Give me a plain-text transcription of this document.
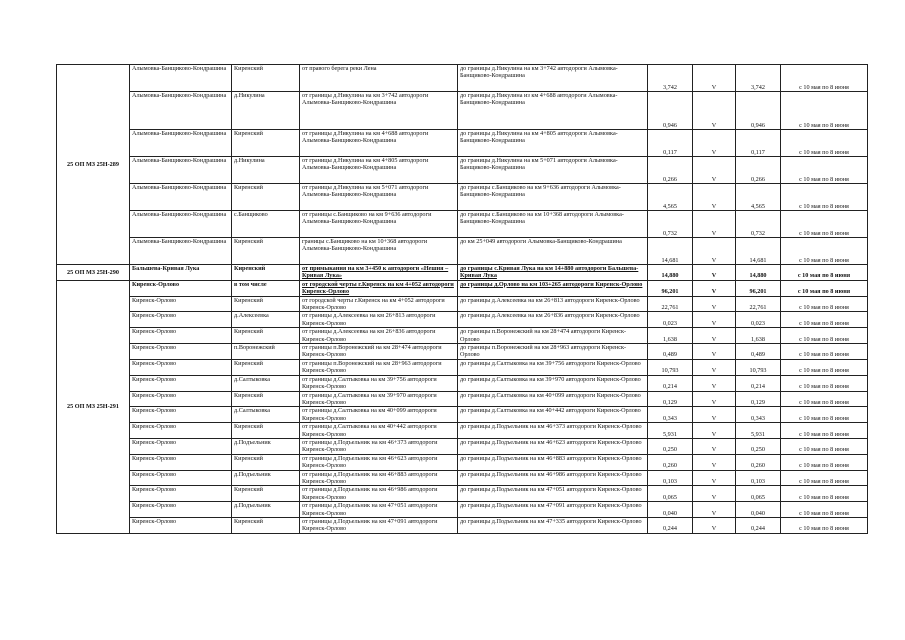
25 ОП МЗ 25Н-289	Алымовка-Банщиково-Кондрашина	Киренский	от правого берега реки Лена	до границы д.Никулина на км 3+742 автодороги Алымовка-Банщиково-Кондрашина	3,742	V	3,742	с 10 мая по 8 июня
	Алымовка-Банщиково-Кондрашина	д.Никулина	от границы д.Никулина на км 3+742 автодороги Алымовка-Банщиково-Кондрашина	до границы д.Никулина из км 4+688 автодороги Алымовка-Банщиково-Кондрашина	0,946	V	0,946	с 10 мая по 8 июня
	Алымовка-Банщиково-Кондрашина	Киренский	от границы д.Никулина на км 4+688 автодороги Алымовка-Банщиково-Кондрашина	до границы д.Никулина на км 4+805 автодороги Алымовка-Банщиково-Кондрашина	0,117	V	0,117	с 10 мая по 8 июня
	Алымовка-Банщиково-Кондрашина	д.Никулина	от границы д.Никулина на км 4+805 автодороги Алымовка-Банщиково-Кондрашина	до границы д.Никулина на км 5+071 автодороги Алымовка-Банщиково-Кондрашина	0,266	V	0,266	с 10 мая по 8 июня
	Алымовка-Банщиково-Кондрашина	Киренский	от границы д.Никулина на км 5+071 автодороги Алымовка-Банщиково-Кондрашина	до границы с.Банщиково на км 9+636 автодороги Алымовка-Банщиково-Кондрашина	4,565	V	4,565	с 10 мая по 8 июня
	Алымовка-Банщиково-Кондрашина	с.Банщиково	от границы с.Банщиково на км 9+636 автодороги Алымовка-Банщиково-Кондрашина	до границы с.Банщиково на км 10+368 автодороги Алымовка-Банщиково-Кондрашина	0,732	V	0,732	с 10 мая по 8 июня
	Алымовка-Банщиково-Кондрашина	Киренский	границы с.Банщиково на км 10+368 автодороги Алымовка-Банщиково-Кондрашина	до км 25+049 автодороги Алымовка-Банщиково-Кондрашина	14,681	V	14,681	с 10 мая по 8 июня
25 ОП МЗ 25Н-290	Бальшева-Кривая Лука	Киренский	от примыкания на км 3+450 к автодороги «Нешня – Кривая Лука»	до границы с.Кривая Лука на км 14+880 автодороги Бальшева-Кривая Лука	14,880	V	14,880	с 10 мая по 8 июня
25 ОП МЗ 25Н-291	Киренск-Орлово	в том числе	от городской черты г.Киренск на км 4+052 автодороги Киренск-Орлово	до границы д.Орлово на км 103+265 автодороги Киренск-Орлово	96,201	V	96,201	с 10 мая по 8 июня
	Киренск-Орлово	Киренский	от городской черты г.Киренск на км 4+052 автодороги Киренск-Орлово	до границы д.Алексеевка на км 26+813 автодороги Киренск-Орлово	22,761	V	22,761	с 10 мая по 8 июня
	Киренск-Орлово	д.Алексеевка	от границы д.Алексеевка на км 26+813 автодороги Киренск-Орлово	до границы д.Алексеевка на км 26+836 автодороги Киренск-Орлово	0,023	V	0,023	с 10 мая по 8 июня
	Киренск-Орлово	Киренский	от границы д.Алексеевка на км 26+836 автодороги Киренск-Орлово	до границы п.Воронежский на км 28+474 автодороги Киренск-Орлово	1,638	V	1,638	с 10 мая по 8 июня
	Киренск-Орлово	п.Воронежский	от границы п.Воронежский на км 28+474 автодороги Киренск-Орлово	до границы п.Воронежский на км 28+963 автодороги Киренск-Орлово	0,489	V	0,489	с 10 мая по 8 июня
	Киренск-Орлово	Киренский	от границы п.Воронежский на км 28+963 автодороги Киренск-Орлово	до границы д.Салтыковка на км 39+756 автодороги Киренск-Орлово	10,793	V	10,793	с 10 мая по 8 июня
	Киренск-Орлово	д.Салтыковка	от границы д.Салтыковка на км 39+756 автодороги Киренск-Орлово	до границы д.Салтыковка на км 39+970 автодороги Киренск-Орлово	0,214	V	0,214	с 10 мая по 8 июня
	Киренск-Орлово	Киренский	от границы д.Салтыковка на км 39+970 автодороги Киренск-Орлово	до границы д.Салтыковка на км 40+099 автодороги Киренск-Орлово	0,129	V	0,129	с 10 мая по 8 июня
	Киренск-Орлово	д.Салтыковка	от границы д.Салтыковка на км 40+099 автодороги Киренск-Орлово	до границы д.Салтыковка на км 40+442 автодороги Киренск-Орлово	0,343	V	0,343	с 10 мая по 8 июня
	Киренск-Орлово	Киренский	от границы д.Салтыковка на км 40+442 автодороги Киренск-Орлово	до границы д.Подъельник на км 46+373 автодороги Киренск-Орлово	5,931	V	5,931	с 10 мая по 8 июня
	Киренск-Орлово	д.Подъельник	от границы д.Подъельник на км 46+373 автодороги Киренск-Орлово	до границы д.Подъельник на км 46+623 автодороги Киренск-Орлово	0,250	V	0,250	с 10 мая по 8 июня
	Киренск-Орлово	Киренский	от границы д.Подъельник на км 46+623 автодороги Киренск-Орлово	до границы д.Подъельник на км 46+883 автодороги Киренск-Орлово	0,260	V	0,260	с 10 мая по 8 июня
	Киренск-Орлово	д.Подъельник	от границы д.Подъельник на км 46+883 автодороги Киренск-Орлово	до границы д.Подъельник на км 46+986 автодороги Киренск-Орлово	0,103	V	0,103	с 10 мая по 8 июня
	Киренск-Орлово	Киренский	от границы д.Подъельник на км 46+986 автодороги Киренск-Орлово	до границы д.Подъельник на км 47+051 автодороги Киренск-Орлово	0,065	V	0,065	с 10 мая по 8 июня
	Киренск-Орлово	д.Подъельник	от границы д.Подъельник на км 47+051 автодороги Киренск-Орлово	до границы д.Подъельник на км 47+091 автодороги Киренск-Орлово	0,040	V	0,040	с 10 мая по 8 июня
	Киренск-Орлово	Киренский	от границы д.Подъельник на км 47+091 автодороги Киренск-Орлово	до границы д.Подъельник на км 47+335 автодороги Киренск-Орлово	0,244	V	0,244	с 10 мая по 8 июня
